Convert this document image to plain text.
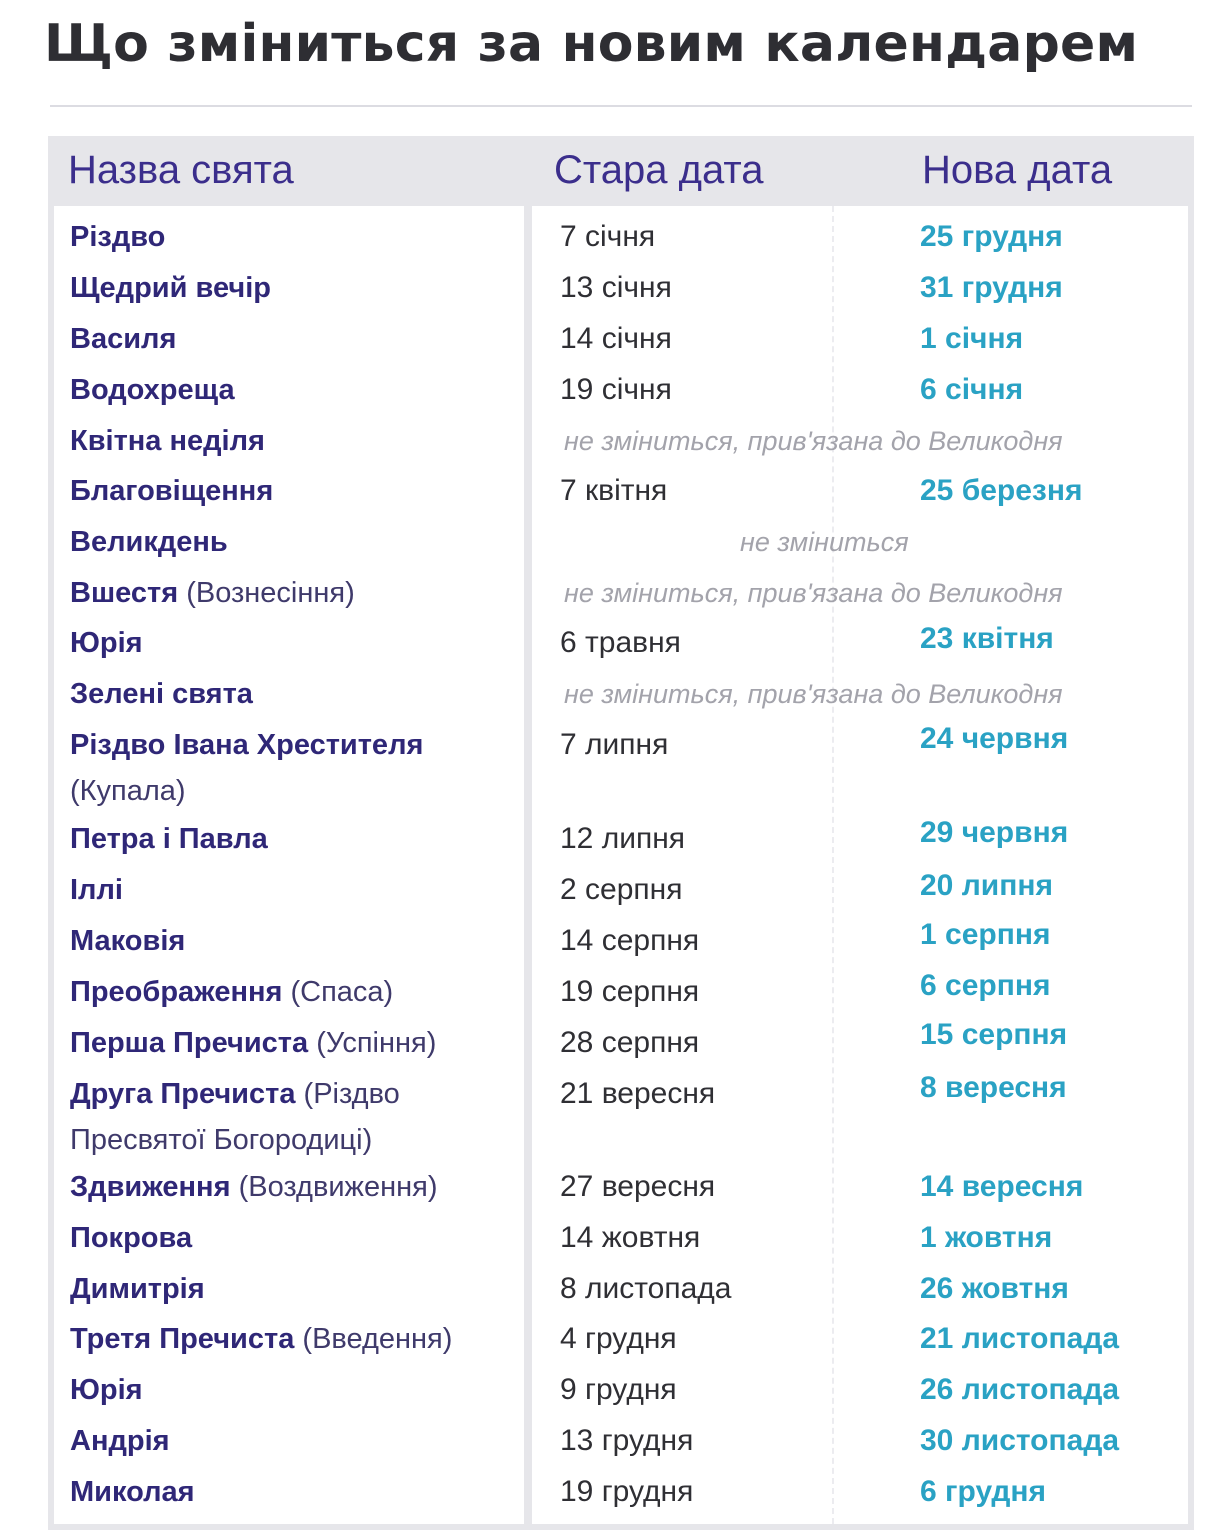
Що зміниться за новим календарем
Назва свята	Стара дата	Нова дата
Різдво	7 січня	25 грудня
Щедрий вечір	13 січня	31 грудня
Василя	14 січня	1 січня
Водохреща	19 січня	6 січня
Квітна неділя	не зміниться, прив'язана до Великодня
Благовіщення	7 квітня	25 березня
Великдень	не зміниться
Вшестя (Вознесіння)	не зміниться, прив'язана до Великодня
Юрія	6 травня	23 квітня
Зелені свята	не зміниться, прив'язана до Великодня
Різдво Івана Хрестителя
(Купала)
7 липня	24 червня
Петра і Павла	12 липня	29 червня
Іллі	2 серпня	20 липня
Маковія	14 серпня	1 серпня
Преображення (Спаса)	19 серпня	6 серпня
Перша Пречиста (Успіння)	28 серпня	15 серпня
Друга Пречиста (Різдво
Пресвятої Богородиці)
21 вересня	8 вересня
Здвиження (Воздвиження)	27 вересня	14 вересня
Покрова	14 жовтня	1 жовтня
Димитрія	8 листопада	26 жовтня
Третя Пречиста (Введення)	4 грудня	21 листопада
Юрія	9 грудня	26 листопада
Андрія	13 грудня	30 листопада
Миколая	19 грудня	6 грудня
